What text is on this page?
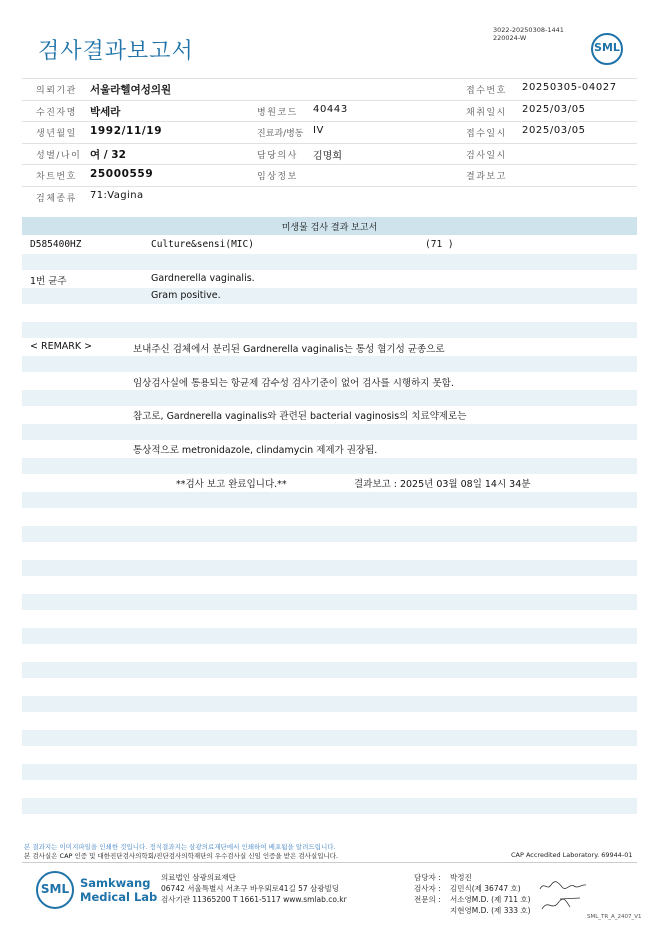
검사결과보고서
3022-20250308-1441
220024-W
SML
의뢰기관 서울라헬여성의원	접수번호 20250305-04027
수진자명 박세라	병원코드 40443	채취일시 2025/03/05
생년월일 1992/11/19	진료과/병동 IV	접수일시 2025/03/05
성별/나이 여 / 32	담당의사 김명희	검사일시
차트번호 25000559	임상정보	결과보고
검체종류 71:Vagina
미생물 검사 결과 보고서
D585400HZ	Culture&sensi(MIC)	(71 )
1번 균주	Gardnerella vaginalis.
Gram positive.
< REMARK >	보내주신 검체에서 분리된 Gardnerella vaginalis는 통성 혐기성 균종으로
임상검사실에 통용되는 항균제 감수성 검사기준이 없어 검사를 시행하지 못함.
참고로, Gardnerella vaginalis와 관련된 bacterial vaginosis의 치료약제로는
통상적으로 metronidazole, clindamycin 제제가 권장됨.
**검사 보고 완료입니다.**	결과보고 : 2025년 03월 08일 14시 34분
본 결과지는 이미지파일을 인쇄한 것입니다. 정식결과지는 삼광의료재단에서 인쇄하여 배포됨을 알려드립니다.
본 검사실은 CAP 인증 및 대한진단검사의학회/진단검사의학재단의 우수검사실 신임 인증을 받은 검사실입니다.	CAP Accredited Laboratory. 69944-01
SML Samkwang
Medical Lab
의료법인 삼광의료재단
06742 서울특별시 서초구 바우뫼로41길 57 삼광빌딩
검사기관 11365200 T 1661-5117 www.smlab.co.kr
담당자 : 박정진
검사자 : 김민식(제 36747 호)
전문의 : 서소영M.D. (제 711 호)
지현영M.D. (제 333 호)
SML_TR_A_2407_V1
